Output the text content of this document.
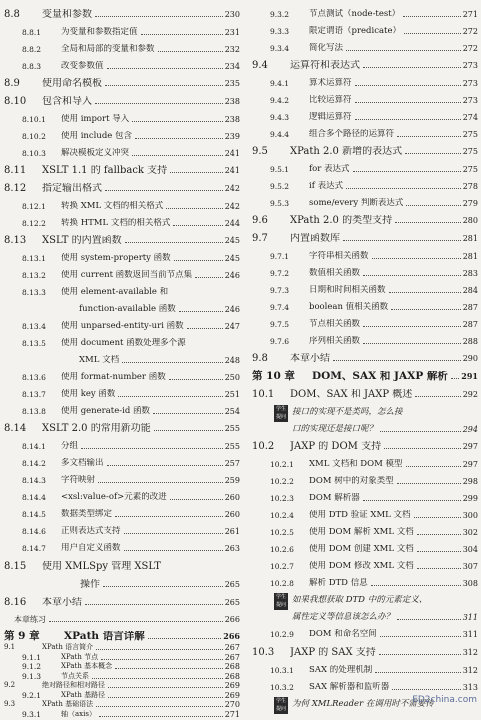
8.8	变量和参数	230
8.8.1	为变量和参数指定值	231
8.8.2	全局和局部的变量和参数	232
8.8.3	改变参数值	234
8.9	使用命名模板	235
8.10	包含和导入	238
8.10.1	使用 import 导入	238
8.10.2	使用 include 包含	239
8.10.3	解决模板定义冲突	241
8.11	XSLT 1.1 的 fallback 支持	241
8.12	指定输出格式	242
8.12.1	转换 XML 文档的相关格式	242
8.12.2	转换 HTML 文档的相关格式	244
8.13	XSLT 的内置函数	245
8.13.1	使用 system-property 函数	245
8.13.2	使用 current 函数返回当前节点集	246
8.13.3	使用 element-available 和
function-available 函数	246
8.13.4	使用 unparsed-entity-uri 函数	247
8.13.5	使用 document 函数处理多个源
XML 文档	248
8.13.6	使用 format-number 函数	250
8.13.7	使用 key 函数	251
8.13.8	使用 generate-id 函数	254
8.14	XSLT 2.0 的常用新功能	255
8.14.1	分组	255
8.14.2	多文档输出	257
8.14.3	字符映射	259
8.14.4	<xsl:value-of>元素的改进	260
8.14.5	数据类型绑定	260
8.14.6	正则表达式支持	261
8.14.7	用户自定义函数	263
8.15	使用 XMLSpy 管理 XSLT
操作	265
8.16	本章小结	265
本章练习	266
第 9 章	XPath 语言详解	266
9.1	XPath 语言简介	267
9.1.1	XPath 节点	267
9.1.2	XPath 基本概念	268
9.1.3	节点关系	268
9.2	绝对路径和相对路径	269
9.2.1	XPath 基路径	269
9.3	XPath 基础语法	270
9.3.1	轴（axis）	271
9.3.2	节点测试（node-test）	271
9.3.3	限定谓语（predicate）	272
9.3.4	简化写法	272
9.4	运算符和表达式	273
9.4.1	算术运算符	273
9.4.2	比较运算符	273
9.4.3	逻辑运算符	274
9.4.4	组合多个路径的运算符	275
9.5	XPath 2.0 新增的表达式	275
9.5.1	for 表达式	275
9.5.2	if 表达式	278
9.5.3	some/every 判断表达式	279
9.6	XPath 2.0 的类型支持	280
9.7	内置函数库	281
9.7.1	字符串相关函数	281
9.7.2	数值相关函数	283
9.7.3	日期和时间相关函数	284
9.7.4	boolean 值相关函数	287
9.7.5	节点相关函数	287
9.7.6	序列相关函数	288
9.8	本章小结	290
第 10 章	DOM、SAX 和 JAXP 解析 291
10.1	DOM、SAX 和 JAXP 概述	292
接口的实现不是类吗，怎么接
学生
提问
口的实现还是接口呢？	294
10.2	JAXP 的 DOM 支持	297
10.2.1	XML 文档和 DOM 模型	297
10.2.2	DOM 树中的对象类型	298
10.2.3	DOM 解析器	299
10.2.4	使用 DTD 验证 XML 文档	300
10.2.5	使用 DOM 解析 XML 文档	302
10.2.6	使用 DOM 创建 XML 文档	304
10.2.7	使用 DOM 修改 XML 文档	307
10.2.8	解析 DTD 信息	308
如果我想获取 DTD 中的元素定义、
学生
提问
属性定义等信息该怎么办？	311
10.2.9	DOM 和命名空间	311
10.3	JAXP 的 SAX 支持	312
10.3.1	SAX 的处理机制	312
10.3.2	SAX 解析器和监听器	313
为何 XMLReader 在调用时不需要传
学生
提问
ED2china.com
